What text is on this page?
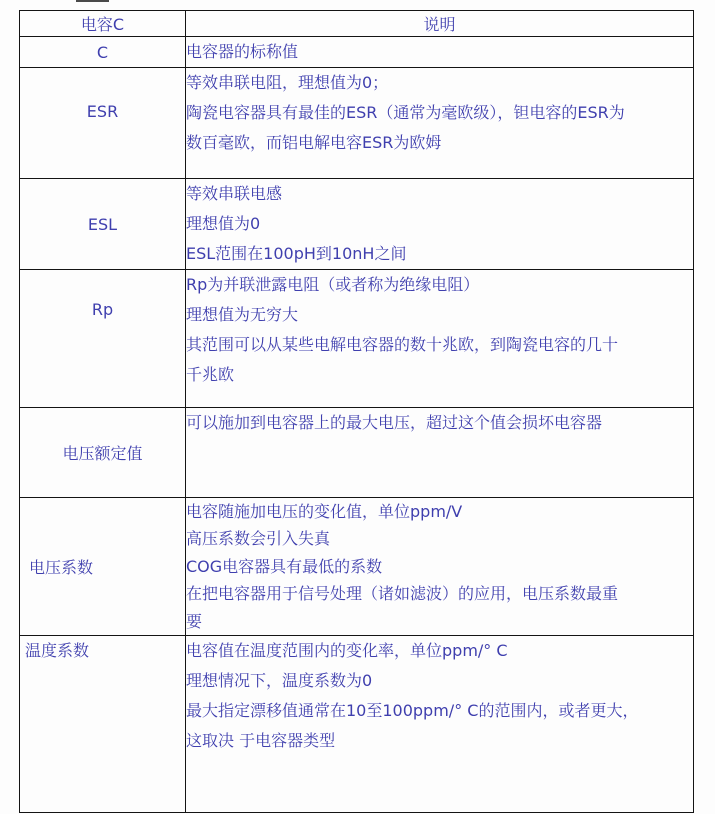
电容C	说明
C	电容器的标称值

ESR	等效串联电阻，理想值为0；
陶瓷电容器具有最佳的ESR（通常为毫欧级），钽电容的ESR为
数百毫欧，而铝电解电容ESR为欧姆

ESL	等效串联电感
理想值为0
ESL范围在100pH到10nH之间

Rp	Rp为并联泄露电阻（或者称为绝缘电阻）
理想值为无穷大
其范围可以从某些电解电容器的数十兆欧，到陶瓷电容的几十
千兆欧

电压额定值	可以施加到电容器上的最大电压，超过这个值会损坏电容器

电压系数	电容随施加电压的变化值，单位ppm/V
高压系数会引入失真
COG电容器具有最低的系数
在把电容器用于信号处理（诸如滤波）的应用，电压系数最重
要

温度系数	电容值在温度范围内的变化率，单位ppm/° C
理想情况下，温度系数为0
最大指定漂移值通常在10至100ppm/° C的范围内，或者更大，
这取决 于电容器类型
